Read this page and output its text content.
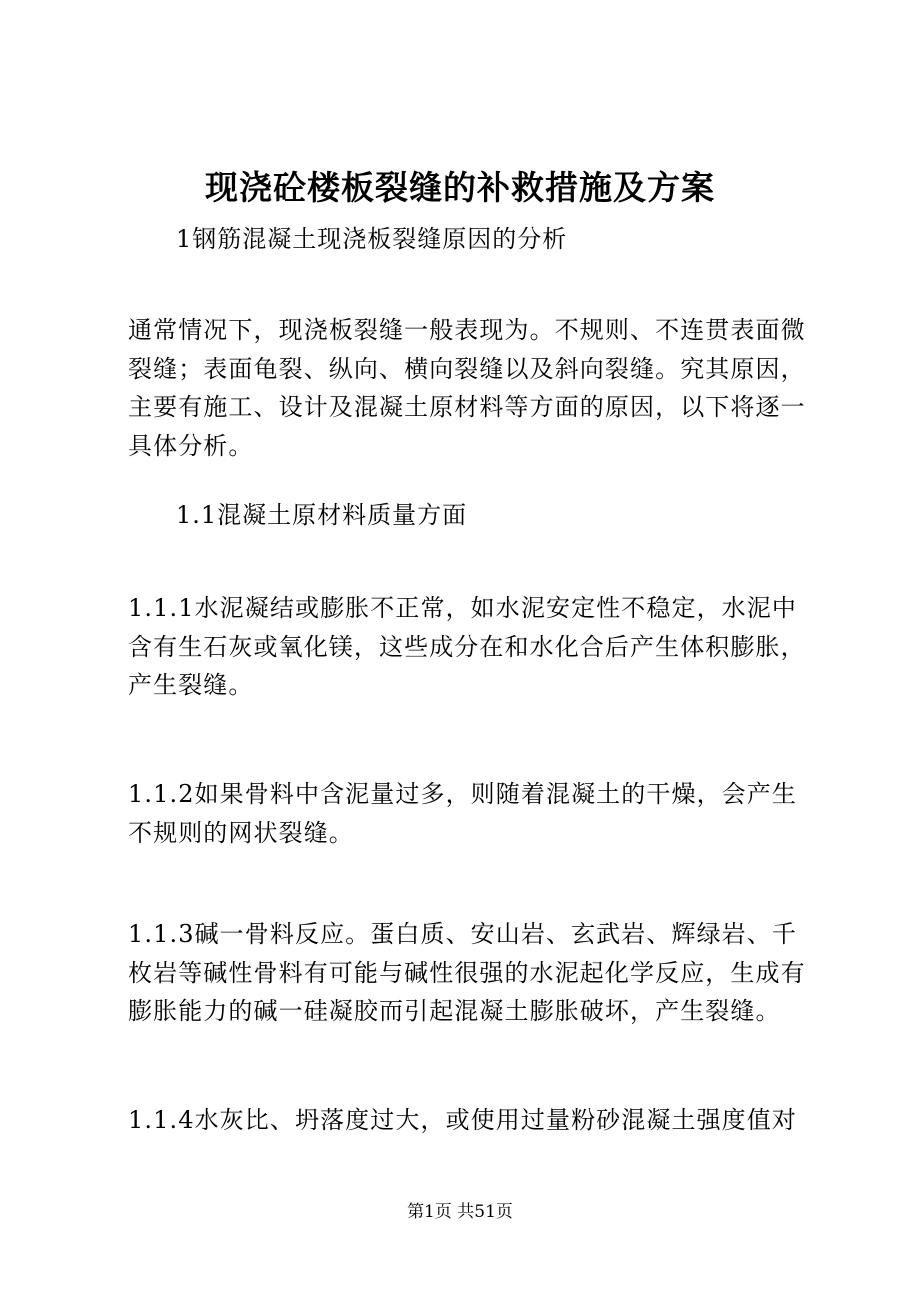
现浇砼楼板裂缝的补救措施及方案
1钢筋混凝土现浇板裂缝原因的分析
通常情况下，现浇板裂缝一般表现为。不规则、不连贯表面微
裂缝；表面龟裂、纵向、横向裂缝以及斜向裂缝。究其原因，
主要有施工、设计及混凝土原材料等方面的原因，以下将逐一
具体分析。
1.1混凝土原材料质量方面
1.1.1水泥凝结或膨胀不正常，如水泥安定性不稳定，水泥中
含有生石灰或氧化镁，这些成分在和水化合后产生体积膨胀，
产生裂缝。
1.1.2如果骨料中含泥量过多，则随着混凝土的干燥，会产生
不规则的网状裂缝。
1.1.3碱一骨料反应。蛋白质、安山岩、玄武岩、辉绿岩、千
枚岩等碱性骨料有可能与碱性很强的水泥起化学反应，生成有
膨胀能力的碱一硅凝胶而引起混凝土膨胀破坏，产生裂缝。
1.1.4水灰比、坍落度过大，或使用过量粉砂混凝土强度值对
第1页 共51页
